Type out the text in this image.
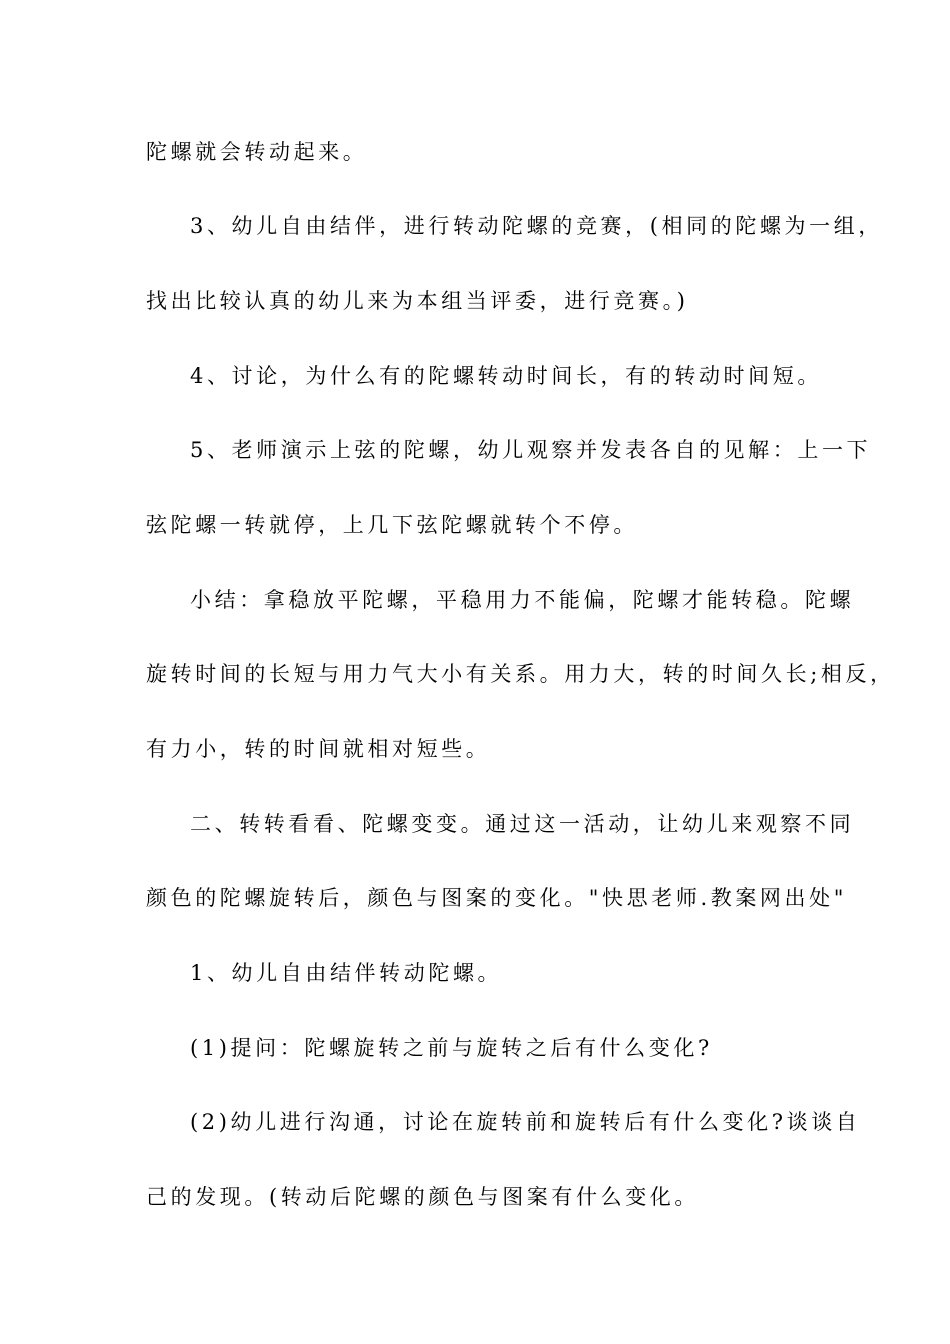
陀螺就会转动起来。

3、幼儿自由结伴，进行转动陀螺的竞赛，(相同的陀螺为一组，

找出比较认真的幼儿来为本组当评委，进行竞赛。)

4、讨论，为什么有的陀螺转动时间长，有的转动时间短。

5、老师演示上弦的陀螺，幼儿观察并发表各自的见解：上一下

弦陀螺一转就停，上几下弦陀螺就转个不停。

小结：拿稳放平陀螺，平稳用力不能偏，陀螺才能转稳。陀螺

旋转时间的长短与用力气大小有关系。用力大，转的时间久长;相反，

有力小，转的时间就相对短些。

二、转转看看、陀螺变变。通过这一活动，让幼儿来观察不同

颜色的陀螺旋转后，颜色与图案的变化。"快思老师.教案网出处"

1、幼儿自由结伴转动陀螺。

(1)提问：陀螺旋转之前与旋转之后有什么变化?

(2)幼儿进行沟通，讨论在旋转前和旋转后有什么变化?谈谈自

己的发现。(转动后陀螺的颜色与图案有什么变化。
